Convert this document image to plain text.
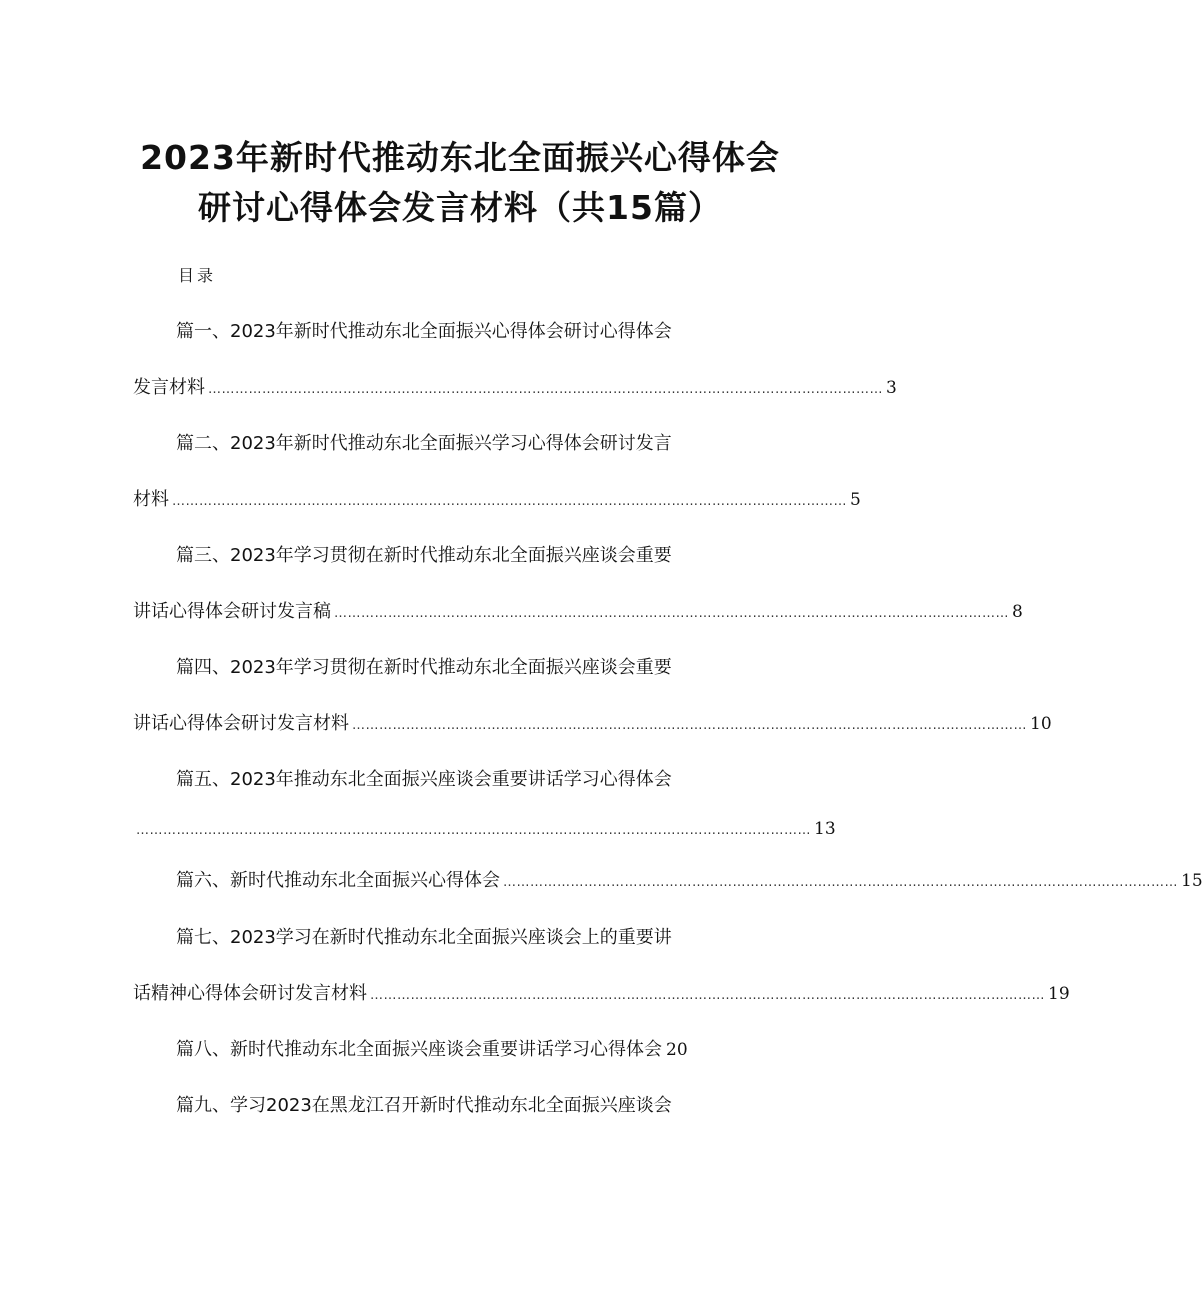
2023年新时代推动东北全面振兴心得体会
研讨心得体会发言材料（共15篇）
目录
篇一、2023年新时代推动东北全面振兴心得体会研讨心得体会
发言材料 …………………………………………………………………………………………………………………………………… 3
篇二、2023年新时代推动东北全面振兴学习心得体会研讨发言
材料 …………………………………………………………………………………………………………………………………… 5
篇三、2023年学习贯彻在新时代推动东北全面振兴座谈会重要
讲话心得体会研讨发言稿 …………………………………………………………………………………………………………………………………… 8
篇四、2023年学习贯彻在新时代推动东北全面振兴座谈会重要
讲话心得体会研讨发言材料 …………………………………………………………………………………………………………………………………… 10
篇五、2023年推动东北全面振兴座谈会重要讲话学习心得体会
…………………………………………………………………………………………………………………………………… 13
篇六、新时代推动东北全面振兴心得体会 …………………………………………………………………………………………………………………………………… 15
篇七、2023学习在新时代推动东北全面振兴座谈会上的重要讲
话精神心得体会研讨发言材料 …………………………………………………………………………………………………………………………………… 19
篇八、新时代推动东北全面振兴座谈会重要讲话学习心得体会 20
篇九、学习2023在黑龙江召开新时代推动东北全面振兴座谈会
